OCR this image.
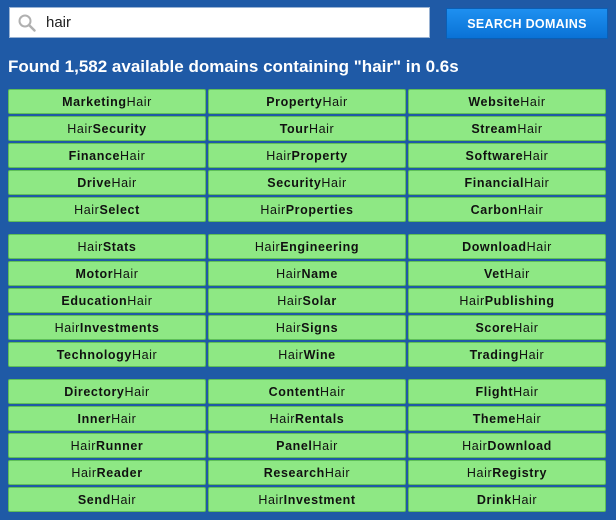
hair
SEARCH DOMAINS
Found 1,582 available domains containing "hair" in 0.6s
Marketing Hair	Property Hair	Website Hair
Hair Security	Tour Hair	Stream Hair
Finance Hair	Hair Property	Software Hair
Drive Hair	Security Hair	Financial Hair
Hair Select	Hair Properties	Carbon Hair
Hair Stats	Hair Engineering	Download Hair
Motor Hair	Hair Name	Vet Hair
Education Hair	Hair Solar	Hair Publishing
Hair Investments	Hair Signs	Score Hair
Technology Hair	Hair Wine	Trading Hair
Directory Hair	Content Hair	Flight Hair
Inner Hair	Hair Rentals	Theme Hair
Hair Runner	Panel Hair	Hair Download
Hair Reader	Research Hair	Hair Registry
Send Hair	Hair Investment	Drink Hair
